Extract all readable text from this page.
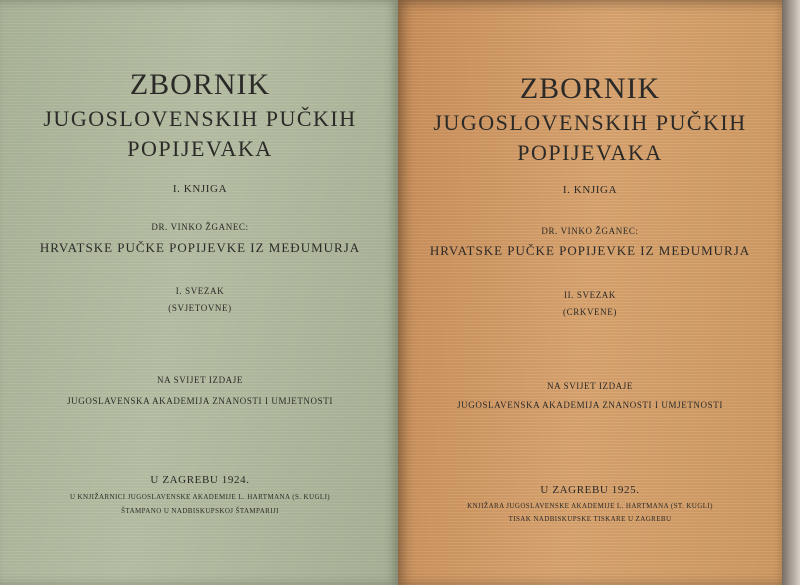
ZBORNIK
JUGOSLOVENSKIH PUČKIH
POPIJEVAKA
I. KNJIGA
DR. VINKO ŽGANEC:
HRVATSKE PUČKE POPIJEVKE IZ MEĐUMURJA
I. SVEZAK
(SVJETOVNE)
NA SVIJET IZDAJE
JUGOSLAVENSKA AKADEMIJA ZNANOSTI I UMJETNOSTI
U ZAGREBU 1924.
U KNJIŽARNICI JUGOSLAVENSKE AKADEMIJE L. HARTMANA (S. KUGLI)
ŠTAMPANO U NADBISKUPSKOJ ŠTAMPARIJI
ZBORNIK
JUGOSLOVENSKIH PUČKIH
POPIJEVAKA
I. KNJIGA
DR. VINKO ŽGANEC:
HRVATSKE PUČKE POPIJEVKE IZ MEĐUMURJA
II. SVEZAK
(CRKVENE)
NA SVIJET IZDAJE
JUGOSLAVENSKA AKADEMIJA ZNANOSTI I UMJETNOSTI
U ZAGREBU 1925.
KNJIŽARA JUGOSLAVENSKE AKADEMIJE L. HARTMANA (ST. KUGLI)
TISAK NADBISKUPSKE TISKARE U ZAGREBU
